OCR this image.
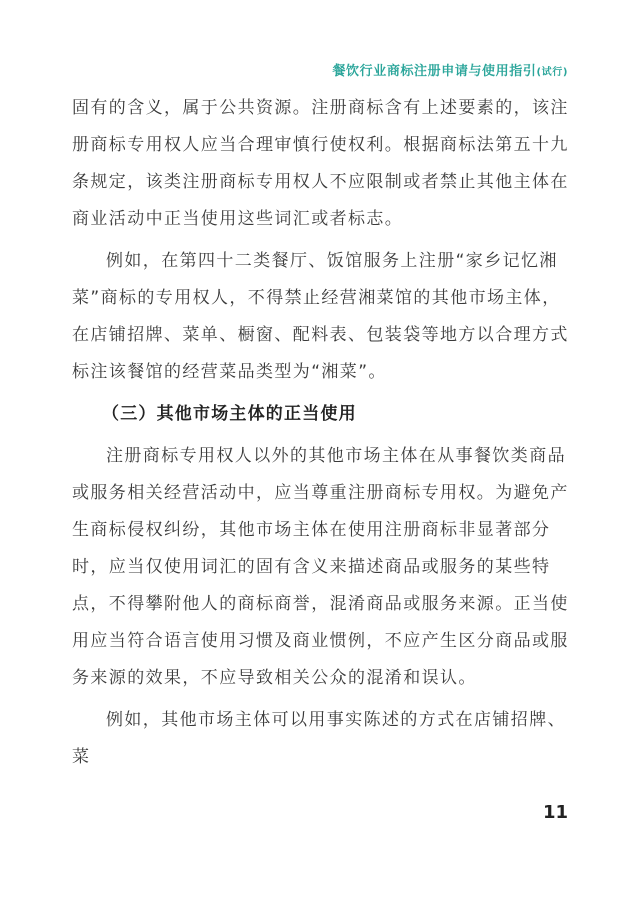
餐饮行业商标注册申请与使用指引(试行)

固有的含义，属于公共资源。注册商标含有上述要素的，该注册商标专用权人应当合理审慎行使权利。根据商标法第五十九条规定，该类注册商标专用权人不应限制或者禁止其他主体在商业活动中正当使用这些词汇或者标志。

例如，在第四十二类餐厅、饭馆服务上注册“家乡记忆湘菜”商标的专用权人，不得禁止经营湘菜馆的其他市场主体，在店铺招牌、菜单、橱窗、配料表、包装袋等地方以合理方式标注该餐馆的经营菜品类型为“湘菜”。

（三）其他市场主体的正当使用

注册商标专用权人以外的其他市场主体在从事餐饮类商品或服务相关经营活动中，应当尊重注册商标专用权。为避免产生商标侵权纠纷，其他市场主体在使用注册商标非显著部分时，应当仅使用词汇的固有含义来描述商品或服务的某些特点，不得攀附他人的商标商誉，混淆商品或服务来源。正当使用应当符合语言使用习惯及商业惯例，不应产生区分商品或服务来源的效果，不应导致相关公众的混淆和误认。

例如，其他市场主体可以用事实陈述的方式在店铺招牌、菜

11
